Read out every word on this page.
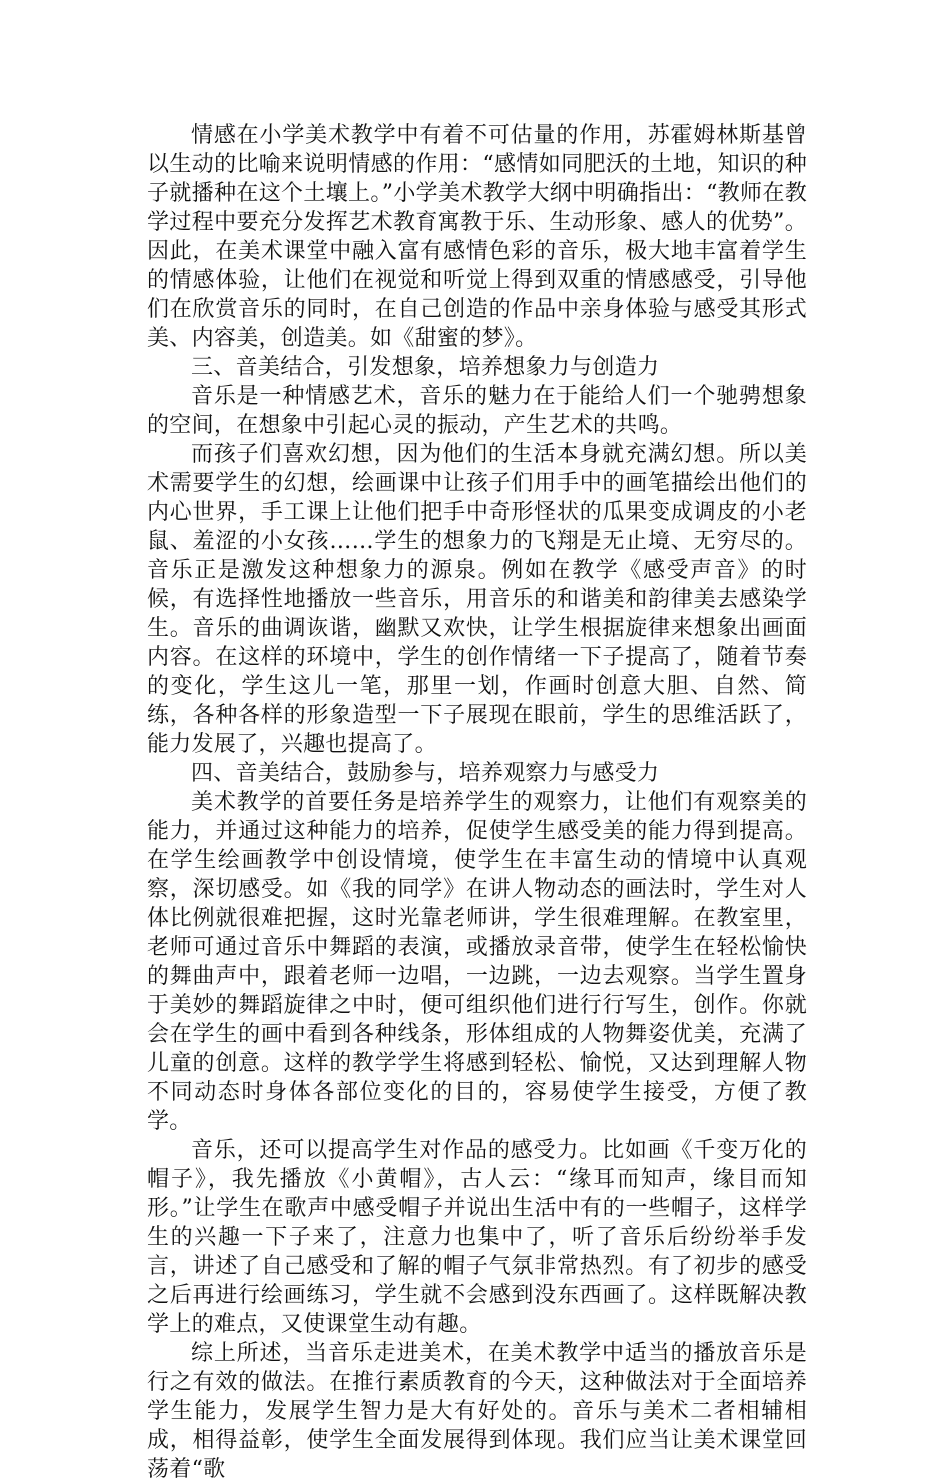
情感在小学美术教学中有着不可估量的作用，苏霍姆林斯基曾以生动的比喻来说明情感的作用：“感情如同肥沃的土地，知识的种子就播种在这个土壤上。”小学美术教学大纲中明确指出：“教师在教学过程中要充分发挥艺术教育寓教于乐、生动形象、感人的优势”。因此，在美术课堂中融入富有感情色彩的音乐，极大地丰富着学生的情感体验，让他们在视觉和听觉上得到双重的情感感受，引导他们在欣赏音乐的同时，在自己创造的作品中亲身体验与感受其形式美、内容美，创造美。如《甜蜜的梦》。

三、音美结合，引发想象，培养想象力与创造力

音乐是一种情感艺术，音乐的魅力在于能给人们一个驰骋想象的空间，在想象中引起心灵的振动，产生艺术的共鸣。

而孩子们喜欢幻想，因为他们的生活本身就充满幻想。所以美术需要学生的幻想，绘画课中让孩子们用手中的画笔描绘出他们的内心世界，手工课上让他们把手中奇形怪状的瓜果变成调皮的小老鼠、羞涩的小女孩……学生的想象力的飞翔是无止境、无穷尽的。音乐正是激发这种想象力的源泉。例如在教学《感受声音》的时候，有选择性地播放一些音乐，用音乐的和谐美和韵律美去感染学生。音乐的曲调诙谐，幽默又欢快，让学生根据旋律来想象出画面内容。在这样的环境中，学生的创作情绪一下子提高了，随着节奏的变化，学生这儿一笔，那里一划，作画时创意大胆、自然、简练，各种各样的形象造型一下子展现在眼前，学生的思维活跃了，能力发展了，兴趣也提高了。

四、音美结合，鼓励参与，培养观察力与感受力

美术教学的首要任务是培养学生的观察力，让他们有观察美的能力，并通过这种能力的培养，促使学生感受美的能力得到提高。在学生绘画教学中创设情境，使学生在丰富生动的情境中认真观察，深切感受。如《我的同学》在讲人物动态的画法时，学生对人体比例就很难把握，这时光靠老师讲，学生很难理解。在教室里，老师可通过音乐中舞蹈的表演，或播放录音带，使学生在轻松愉快的舞曲声中，跟着老师一边唱，一边跳，一边去观察。当学生置身于美妙的舞蹈旋律之中时，便可组织他们进行行写生，创作。你就会在学生的画中看到各种线条，形体组成的人物舞姿优美，充满了儿童的创意。这样的教学学生将感到轻松、愉悦，又达到理解人物不同动态时身体各部位变化的目的，容易使学生接受，方便了教学。

音乐，还可以提高学生对作品的感受力。比如画《千变万化的帽子》，我先播放《小黄帽》，古人云：“缘耳而知声，缘目而知形。”让学生在歌声中感受帽子并说出生活中有的一些帽子，这样学生的兴趣一下子来了，注意力也集中了，听了音乐后纷纷举手发言，讲述了自己感受和了解的帽子气氛非常热烈。有了初步的感受之后再进行绘画练习，学生就不会感到没东西画了。这样既解决教学上的难点，又使课堂生动有趣。

综上所述，当音乐走进美术，在美术教学中适当的播放音乐是行之有效的做法。在推行素质教育的今天，这种做法对于全面培养学生能力，发展学生智力是大有好处的。音乐与美术二者相辅相成，相得益彰，使学生全面发展得到体现。我们应当让美术课堂回荡着“歌
